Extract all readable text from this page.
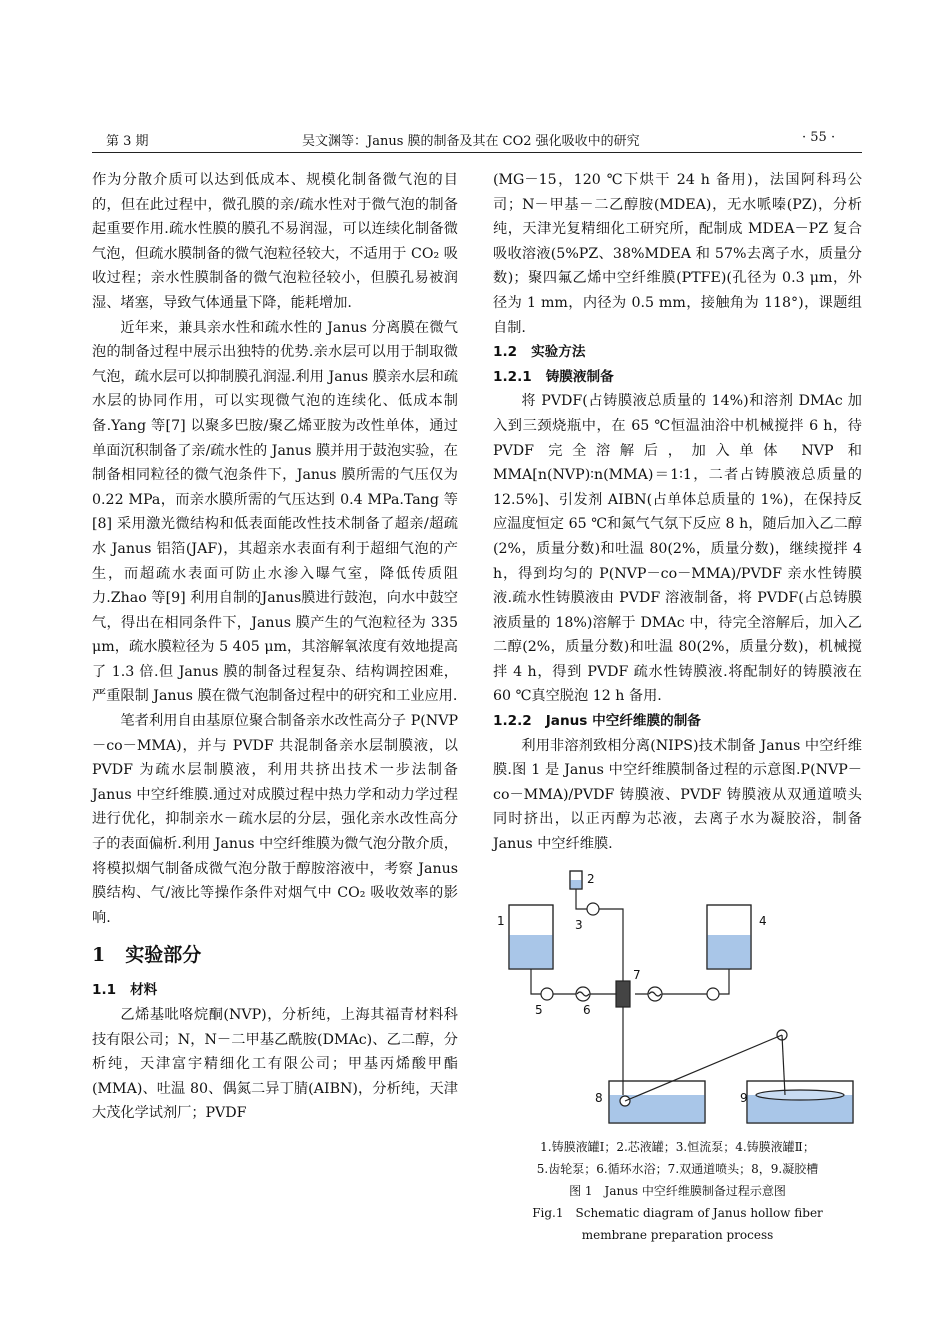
第 3 期	吴文渊等：Janus 膜的制备及其在 CO2 强化吸收中的研究	· 55 ·

作为分散介质可以达到低成本、规模化制备微气泡的目的，但在此过程中，微孔膜的亲/疏水性对于微气泡的制备起重要作用.疏水性膜的膜孔不易润湿，可以连续化制备微气泡，但疏水膜制备的微气泡粒径较大，不适用于 CO₂ 吸收过程；亲水性膜制备的微气泡粒径较小，但膜孔易被润湿、堵塞，导致气体通量下降，能耗增加.

近年来，兼具亲水性和疏水性的 Janus 分离膜在微气泡的制备过程中展示出独特的优势.亲水层可以用于制取微气泡，疏水层可以抑制膜孔润湿.利用 Janus 膜亲水层和疏水层的协同作用，可以实现微气泡的连续化、低成本制备.Yang 等[7] 以聚多巴胺/聚乙烯亚胺为改性单体，通过单面沉积制备了亲/疏水性的 Janus 膜并用于鼓泡实验，在制备相同粒径的微气泡条件下，Janus 膜所需的气压仅为 0.22 MPa，而亲水膜所需的气压达到 0.4 MPa.Tang 等[8] 采用激光微结构和低表面能改性技术制备了超亲/超疏水 Janus 铝箔(JAF)，其超亲水表面有利于超细气泡的产生，而超疏水表面可防止水渗入曝气室，降低传质阻力.Zhao 等[9] 利用自制的Janus膜进行鼓泡，向水中鼓空气，得出在相同条件下，Janus 膜产生的气泡粒径为 335 μm，疏水膜粒径为 5 405 μm，其溶解氧浓度有效地提高了 1.3 倍.但 Janus 膜的制备过程复杂、结构调控困难，严重限制 Janus 膜在微气泡制备过程中的研究和工业应用.

笔者利用自由基原位聚合制备亲水改性高分子 P(NVP－co－MMA)，并与 PVDF 共混制备亲水层制膜液，以 PVDF 为疏水层制膜液，利用共挤出技术一步法制备 Janus 中空纤维膜.通过对成膜过程中热力学和动力学过程进行优化，抑制亲水－疏水层的分层，强化亲水改性高分子的表面偏析.利用 Janus 中空纤维膜为微气泡分散介质，将模拟烟气制备成微气泡分散于醇胺溶液中，考察 Janus 膜结构、气/液比等操作条件对烟气中 CO₂ 吸收效率的影响.

1 实验部分
1.1 材料

乙烯基吡咯烷酮(NVP)，分析纯，上海其福青材料科技有限公司；N，N－二甲基乙酰胺(DMAc)、乙二醇，分析纯，天津富宇精细化工有限公司；甲基丙烯酸甲酯(MMA)、吐温 80、偶氮二异丁腈(AIBN)，分析纯，天津大茂化学试剂厂；PVDF

(MG－15，120 ℃下烘干 24 h 备用)，法国阿科玛公司；N－甲基－二乙醇胺(MDEA)，无水哌嗪(PZ)，分析纯，天津光复精细化工研究所，配制成 MDEA－PZ 复合吸收溶液(5%PZ、38%MDEA 和 57%去离子水，质量分数)；聚四氟乙烯中空纤维膜(PTFE)(孔径为 0.3 μm，外径为 1 mm，内径为 0.5 mm，接触角为 118°)，课题组自制.

1.2 实验方法
1.2.1 铸膜液制备

将 PVDF(占铸膜液总质量的 14%)和溶剂 DMAc 加入到三颈烧瓶中，在 65 ℃恒温油浴中机械搅拌 6 h，待 PVDF 完全溶解后，加入单体 NVP 和 MMA[n(NVP)∶n(MMA)＝1∶1，二者占铸膜液总质量的 12.5%]、引发剂 AIBN(占单体总质量的 1%)，在保持反应温度恒定 65 ℃和氮气气氛下反应 8 h，随后加入乙二醇(2%，质量分数)和吐温 80(2%，质量分数)，继续搅拌 4 h，得到均匀的 P(NVP－co－MMA)/PVDF 亲水性铸膜液.疏水性铸膜液由 PVDF 溶液制备，将 PVDF(占总铸膜液质量的 18%)溶解于 DMAc 中，待完全溶解后，加入乙二醇(2%，质量分数)和吐温 80(2%，质量分数)，机械搅拌 4 h，得到 PVDF 疏水性铸膜液.将配制好的铸膜液在 60 ℃真空脱泡 12 h 备用.

1.2.2 Janus 中空纤维膜的制备

利用非溶剂致相分离(NIPS)技术制备 Janus 中空纤维膜.图 1 是 Janus 中空纤维膜制备过程的示意图.P(NVP－co－MMA)/PVDF 铸膜液、PVDF 铸膜液从双通道喷头同时挤出，以正丙醇为芯液，去离子水为凝胶浴，制备 Janus 中空纤维膜.

1
2
3	4
5	6
7
8	9
1.铸膜液罐Ⅰ；2.芯液罐；3.恒流泵；4.铸膜液罐Ⅱ；
5.齿轮泵；6.循环水浴；7.双通道喷头；8，9.凝胶槽
图 1　Janus 中空纤维膜制备过程示意图
Fig.1　Schematic diagram of Janus hollow fiber
membrane preparation process
